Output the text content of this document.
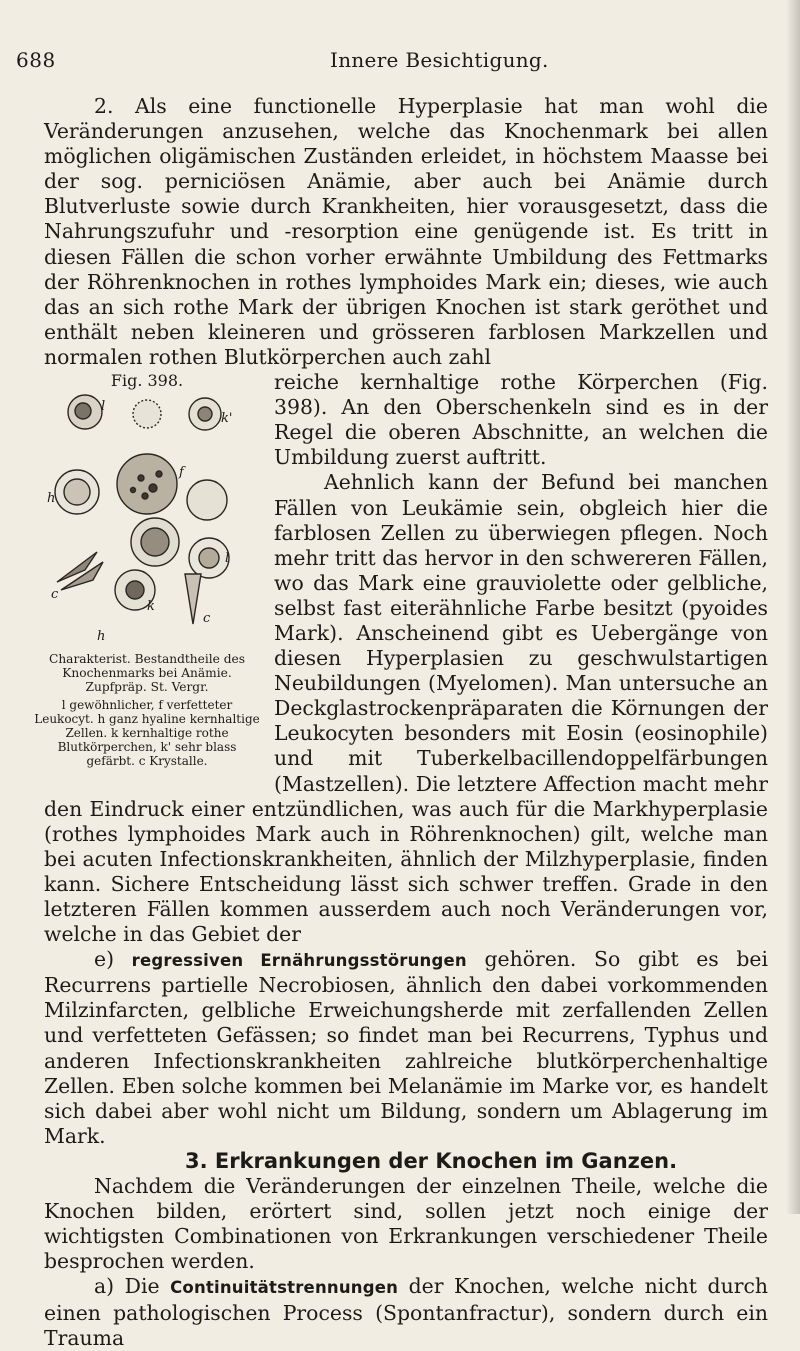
688	Innere Besichtigung.

2. Als eine functionelle Hyperplasie hat man wohl die Veränderungen anzusehen, welche das Knochenmark bei allen möglichen oligämischen Zuständen erleidet, in höchstem Maasse bei der sog. perniciösen Anämie, aber auch bei Anämie durch Blutverluste sowie durch Krankheiten, hier vorausgesetzt, dass die Nahrungszufuhr und -resorption eine genügende ist. Es tritt in diesen Fällen die schon vorher erwähnte Umbildung des Fettmarks der Röhrenknochen in rothes lymphoides Mark ein; dieses, wie auch das an sich rothe Mark der übrigen Knochen ist stark geröthet und enthält neben kleineren und grösseren farblosen Markzellen und normalen rothen Blutkörperchen auch zahl

Fig. 398.
l
k'
h
f
l
c
k
c
h
Charakterist. Bestandtheile des Knochenmarks bei Anämie. Zupfpräp. St. Vergr.
l gewöhnlicher, f verfetteter Leukocyt. h ganz hyaline kernhaltige Zellen. k kernhaltige rothe Blutkörperchen, k' sehr blass gefärbt. c Krystalle.
reiche kernhaltige rothe Körperchen (Fig. 398). An den Oberschenkeln sind es in der Regel die oberen Abschnitte, an welchen die Umbildung zuerst auftritt.

Aehnlich kann der Befund bei manchen Fällen von Leukämie sein, obgleich hier die farblosen Zellen zu überwiegen pflegen. Noch mehr tritt das hervor in den schwereren Fällen, wo das Mark eine grauviolette oder gelbliche, selbst fast eiterähnliche Farbe besitzt (pyoides Mark). Anscheinend gibt es Uebergänge von diesen Hyperplasien zu geschwulstartigen Neubildungen (Myelomen). Man untersuche an Deckglastrockenpräparaten die Körnungen der Leukocyten besonders mit Eosin (eosinophile) und mit Tuberkelbacillendoppelfärbungen (Mastzellen). Die letztere Affection macht mehr den Eindruck einer entzündlichen, was auch für die Markhyperplasie (rothes lymphoides Mark auch in Röhrenknochen) gilt, welche man bei acuten Infectionskrankheiten, ähnlich der Milzhyperplasie, finden kann. Sichere Entscheidung lässt sich schwer treffen. Grade in den letzteren Fällen kommen ausserdem auch noch Veränderungen vor, welche in das Gebiet der

e) regressiven Ernährungsstörungen gehören. So gibt es bei Recurrens partielle Necrobiosen, ähnlich den dabei vorkommenden Milzinfarcten, gelbliche Erweichungsherde mit zerfallenden Zellen und verfetteten Gefässen; so findet man bei Recurrens, Typhus und anderen Infectionskrankheiten zahlreiche blutkörperchenhaltige Zellen. Eben solche kommen bei Melanämie im Marke vor, es handelt sich dabei aber wohl nicht um Bildung, sondern um Ablagerung im Mark.

3. Erkrankungen der Knochen im Ganzen.

Nachdem die Veränderungen der einzelnen Theile, welche die Knochen bilden, erörtert sind, sollen jetzt noch einige der wichtigsten Combinationen von Erkrankungen verschiedener Theile besprochen werden.

a) Die Continuitätstrennungen der Knochen, welche nicht durch einen pathologischen Process (Spontanfractur), sondern durch ein Trauma
